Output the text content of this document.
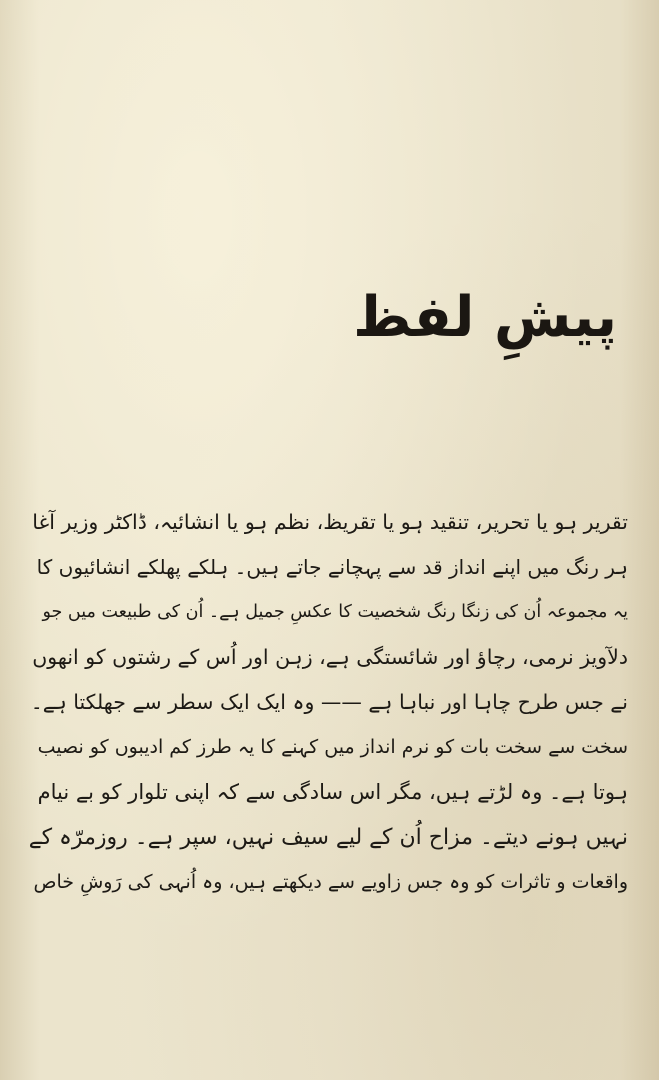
پیشِ لفظ
تقریر ہو یا تحریر، تنقید ہو یا تقریظ، نظم ہو یا انشائیہ، ڈاکٹر وزیر آغا
ہر رنگ میں اپنے انداز قد سے پہچانے جاتے ہیں۔ ہلکے پھلکے انشائیوں کا
یہ مجموعہ اُن کی زنگا رنگ شخصیت کا عکسِ جمیل ہے۔ اُن کی طبیعت میں جو
دلآویز نرمی، رچاؤ اور شائستگی ہے، زہن اور اُس کے رشتوں کو انھوں
نے جس طرح چاہا اور نباہا ہے —— وہ ایک ایک سطر سے جھلکتا ہے۔
سخت سے سخت بات کو نرم انداز میں کہنے کا یہ طرز کم ادیبوں کو نصیب
ہوتا ہے۔ وہ لڑتے ہیں، مگر اس سادگی سے کہ اپنی تلوار کو بے نیام
نہیں ہونے دیتے۔ مزاح اُن کے لیے سیف نہیں، سپر ہے۔ روزمرّہ کے
واقعات و تاثرات کو وہ جس زاویے سے دیکھتے ہیں، وہ اُنہی کی رَوشِ خاص
